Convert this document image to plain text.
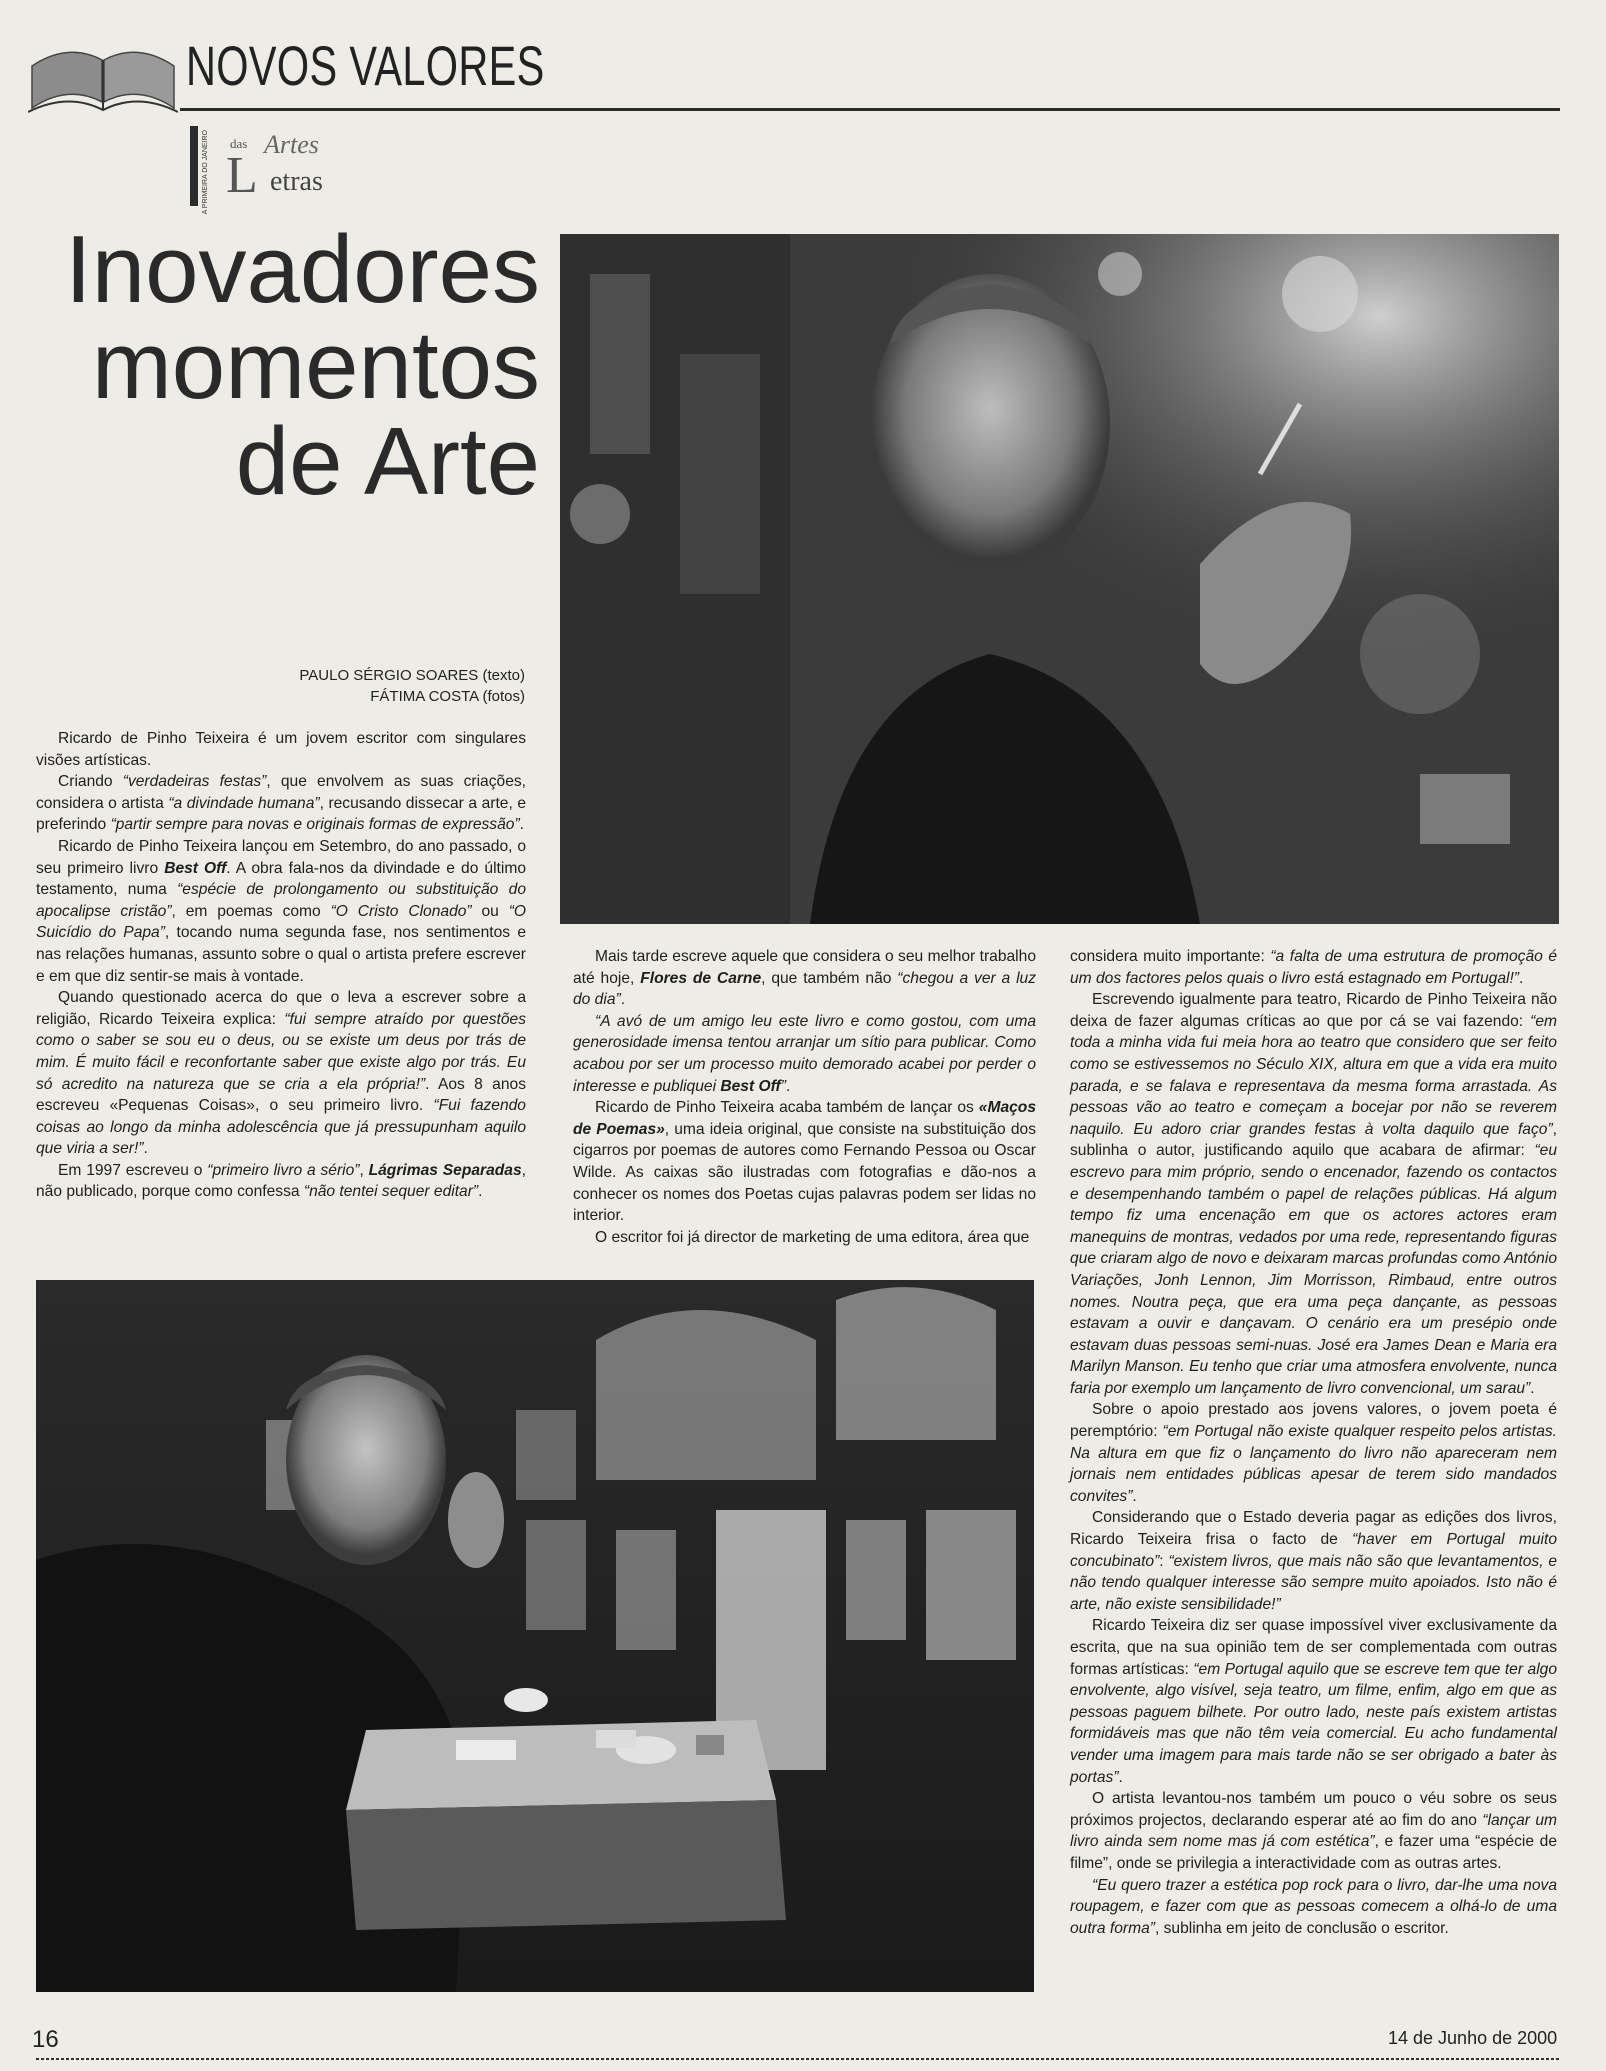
NOVOS VALORES
A PRIMEIRA DO JANEIRO das Artes
L etras
Inovadores
momentos
de Arte
PAULO SÉRGIO SOARES (texto)
FÁTIMA COSTA (fotos)

Ricardo de Pinho Teixeira é um jovem escritor com singulares visões artísticas.

Criando “verdadeiras festas”, que envolvem as suas criações, considera o artista “a divindade humana”, recusando dissecar a arte, e preferindo “partir sempre para novas e originais formas de expressão”.

Ricardo de Pinho Teixeira lançou em Setembro, do ano passado, o seu primeiro livro Best Off. A obra fala-nos da divindade e do último testamento, numa “espécie de prolongamento ou substituição do apocalipse cristão”, em poemas como “O Cristo Clonado” ou “O Suicídio do Papa”, tocando numa segunda fase, nos sentimentos e nas relações humanas, assunto sobre o qual o artista prefere escrever e em que diz sentir-se mais à vontade.

Quando questionado acerca do que o leva a escrever sobre a religião, Ricardo Teixeira explica: “fui sempre atraído por questões como o saber se sou eu o deus, ou se existe um deus por trás de mim. É muito fácil e reconfortante saber que existe algo por trás. Eu só acredito na natureza que se cria a ela própria!”. Aos 8 anos escreveu «Pequenas Coisas», o seu primeiro livro. “Fui fazendo coisas ao longo da minha adolescência que já pressupunham aquilo que viria a ser!”.

Em 1997 escreveu o “primeiro livro a sério”, Lágrimas Separadas, não publicado, porque como confessa “não tentei sequer editar”.

Mais tarde escreve aquele que considera o seu melhor trabalho até hoje, Flores de Carne, que também não “chegou a ver a luz do dia”.

“A avó de um amigo leu este livro e como gostou, com uma generosidade imensa tentou arranjar um sítio para publicar. Como acabou por ser um processo muito demorado acabei por perder o interesse e publiquei Best Off”.

Ricardo de Pinho Teixeira acaba também de lançar os «Maços de Poemas», uma ideia original, que consiste na substituição dos cigarros por poemas de autores como Fernando Pessoa ou Oscar Wilde. As caixas são ilustradas com fotografias e dão-nos a conhecer os nomes dos Poetas cujas palavras podem ser lidas no interior.

O escritor foi já director de marketing de uma editora, área que

considera muito importante: “a falta de uma estrutura de promoção é um dos factores pelos quais o livro está estagnado em Portugal!”.

Escrevendo igualmente para teatro, Ricardo de Pinho Teixeira não deixa de fazer algumas críticas ao que por cá se vai fazendo: “em toda a minha vida fui meia hora ao teatro que considero que ser feito como se estivessemos no Século XIX, altura em que a vida era muito parada, e se falava e representava da mesma forma arrastada. As pessoas vão ao teatro e começam a bocejar por não se reverem naquilo. Eu adoro criar grandes festas à volta daquilo que faço”, sublinha o autor, justificando aquilo que acabara de afirmar: “eu escrevo para mim próprio, sendo o encenador, fazendo os contactos e desempenhando também o papel de relações públicas. Há algum tempo fiz uma encenação em que os actores actores eram manequins de montras, vedados por uma rede, representando figuras que criaram algo de novo e deixaram marcas profundas como António Variações, Jonh Lennon, Jim Morrisson, Rimbaud, entre outros nomes. Noutra peça, que era uma peça dançante, as pessoas estavam a ouvir e dançavam. O cenário era um presépio onde estavam duas pessoas semi-nuas. José era James Dean e Maria era Marilyn Manson. Eu tenho que criar uma atmosfera envolvente, nunca faria por exemplo um lançamento de livro convencional, um sarau”.

Sobre o apoio prestado aos jovens valores, o jovem poeta é peremptório: “em Portugal não existe qualquer respeito pelos artistas. Na altura em que fiz o lançamento do livro não apareceram nem jornais nem entidades públicas apesar de terem sido mandados convites”.

Considerando que o Estado deveria pagar as edições dos livros, Ricardo Teixeira frisa o facto de “haver em Portugal muito concubinato”: “existem livros, que mais não são que levantamentos, e não tendo qualquer interesse são sempre muito apoiados. Isto não é arte, não existe sensibilidade!”

Ricardo Teixeira diz ser quase impossível viver exclusivamente da escrita, que na sua opinião tem de ser complementada com outras formas artísticas: “em Portugal aquilo que se escreve tem que ter algo envolvente, algo visível, seja teatro, um filme, enfim, algo em que as pessoas paguem bilhete. Por outro lado, neste país existem artistas formidáveis mas que não têm veia comercial. Eu acho fundamental vender uma imagem para mais tarde não se ser obrigado a bater às portas”.

O artista levantou-nos também um pouco o véu sobre os seus próximos projectos, declarando esperar até ao fim do ano “lançar um livro ainda sem nome mas já com estética”, e fazer uma “espécie de filme”, onde se privilegia a interactividade com as outras artes.

“Eu quero trazer a estética pop rock para o livro, dar-lhe uma nova roupagem, e fazer com que as pessoas comecem a olhá-lo de uma outra forma”, sublinha em jeito de conclusão o escritor.

16	14 de Junho de 2000
